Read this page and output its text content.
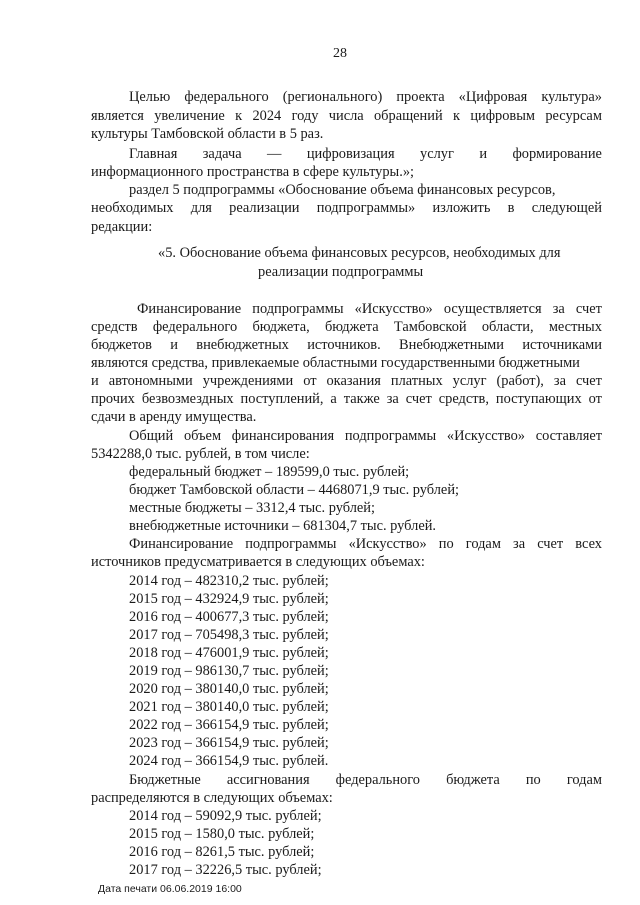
28
Целью федерального (регионального) проекта «Цифровая культура»
является увеличение к 2024 году числа обращений к цифровым ресурсам
культуры Тамбовской области в 5 раз.
Главная задача — цифровизация услуг и формирование
информационного пространства в сфере культуры.»;
раздел 5 подпрограммы «Обоснование объема финансовых ресурсов,
необходимых для реализации подпрограммы» изложить в следующей
редакции:
«5. Обоснование объема финансовых ресурсов, необходимых для
реализации подпрограммы
Финансирование подпрограммы «Искусство» осуществляется за счет
средств федерального бюджета, бюджета Тамбовской области, местных
бюджетов и внебюджетных источников. Внебюджетными источниками
являются средства, привлекаемые областными государственными бюджетными
и автономными учреждениями от оказания платных услуг (работ), за счет
прочих безвозмездных поступлений, а также за счет средств, поступающих от
сдачи в аренду имущества.
Общий объем финансирования подпрограммы «Искусство» составляет
5342288,0 тыс. рублей, в том числе:
федеральный бюджет – 189599,0 тыс. рублей;
бюджет Тамбовской области – 4468071,9 тыс. рублей;
местные бюджеты – 3312,4 тыс. рублей;
внебюджетные источники – 681304,7 тыс. рублей.
Финансирование подпрограммы «Искусство» по годам за счет всех
источников предусматривается в следующих объемах:
2014 год – 482310,2 тыс. рублей;
2015 год – 432924,9 тыс. рублей;
2016 год – 400677,3 тыс. рублей;
2017 год – 705498,3 тыс. рублей;
2018 год – 476001,9 тыс. рублей;
2019 год – 986130,7 тыс. рублей;
2020 год – 380140,0 тыс. рублей;
2021 год – 380140,0 тыс. рублей;
2022 год – 366154,9 тыс. рублей;
2023 год – 366154,9 тыс. рублей;
2024 год – 366154,9 тыс. рублей.
Бюджетные ассигнования федерального бюджета по годам
распределяются в следующих объемах:
2014 год – 59092,9 тыс. рублей;
2015 год – 1580,0 тыс. рублей;
2016 год – 8261,5 тыс. рублей;
2017 год – 32226,5 тыс. рублей;
Дата печати 06.06.2019 16:00
